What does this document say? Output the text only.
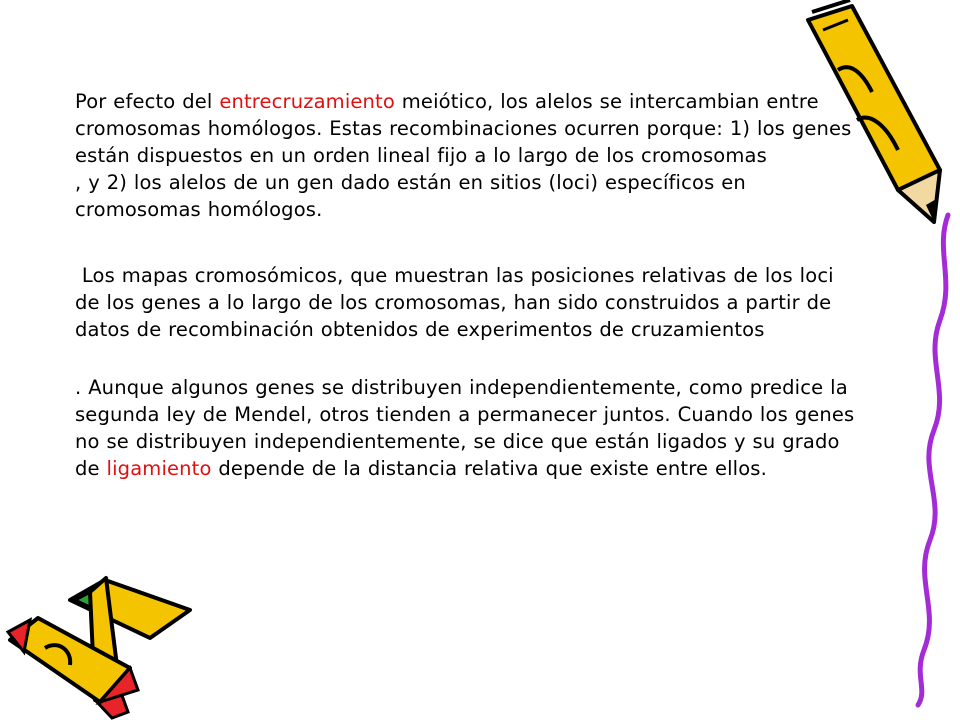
Por efecto del entrecruzamiento meiótico, los alelos se intercambian entre
cromosomas homólogos. Estas recombinaciones ocurren porque: 1) los genes
están dispuestos en un orden lineal fijo a lo largo de los cromosomas
, y 2) los alelos de un gen dado están en sitios (loci) específicos en
cromosomas homólogos.
Los mapas cromosómicos, que muestran las posiciones relativas de los loci
de los genes a lo largo de los cromosomas, han sido construidos a partir de
datos de recombinación obtenidos de experimentos de cruzamientos
. Aunque algunos genes se distribuyen independientemente, como predice la
segunda ley de Mendel, otros tienden a permanecer juntos. Cuando los genes
no se distribuyen independientemente, se dice que están ligados y su grado
de ligamiento depende de la distancia relativa que existe entre ellos.
